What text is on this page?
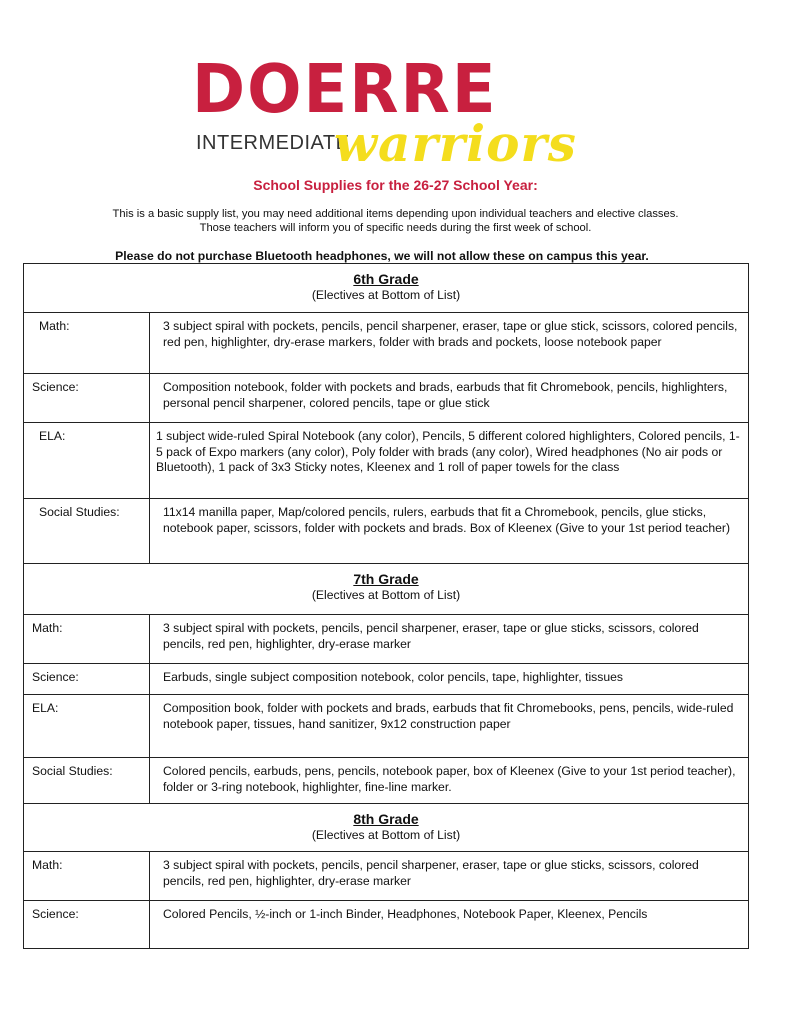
DOERRE
INTERMEDIATE
warriors
School Supplies for the 26-27 School Year:
This is a basic supply list, you may need additional items depending upon individual teachers and elective classes.
Those teachers will inform you of specific needs during the first week of school.
Please do not purchase Bluetooth headphones, we will not allow these on campus this year.
6th Grade
(Electives at Bottom of List)	

Math:	3 subject spiral with pockets, pencils, pencil sharpener, eraser, tape or glue stick, scissors, colored pencils, red pen, highlighter, dry-erase markers, folder with brads and pockets, loose notebook paper
Science:	Composition notebook, folder with pockets and brads, earbuds that fit Chromebook, pencils, highlighters, personal pencil sharpener, colored pencils, tape or glue stick
ELA:	1 subject wide-ruled Spiral Notebook (any color), Pencils, 5 different colored highlighters, Colored pencils, 1- 5 pack of Expo markers (any color), Poly folder with brads (any color), Wired headphones (No air pods or Bluetooth), 1 pack of 3x3 Sticky notes, Kleenex and 1 roll of paper towels for the class
Social Studies:	11x14 manilla paper, Map/colored pencils, rulers, earbuds that fit a Chromebook, pencils, glue sticks, notebook paper, scissors, folder with pockets and brads. Box of Kleenex (Give to your 1st period teacher)

7th Grade
(Electives at Bottom of List)	

Math:	3 subject spiral with pockets, pencils, pencil sharpener, eraser, tape or glue sticks, scissors, colored pencils, red pen, highlighter, dry-erase marker
Science:	Earbuds, single subject composition notebook, color pencils, tape, highlighter, tissues
ELA:	Composition book, folder with pockets and brads, earbuds that fit Chromebooks, pens, pencils, wide-ruled notebook paper, tissues, hand sanitizer, 9x12 construction paper
Social Studies:	Colored pencils, earbuds, pens, pencils, notebook paper, box of Kleenex (Give to your 1st period teacher), folder or 3-ring notebook, highlighter, fine-line marker.

8th Grade
(Electives at Bottom of List)	

Math:	3 subject spiral with pockets, pencils, pencil sharpener, eraser, tape or glue sticks, scissors, colored pencils, red pen, highlighter, dry-erase marker
Science:	Colored Pencils, ½-inch or 1-inch Binder, Headphones, Notebook Paper, Kleenex, Pencils
